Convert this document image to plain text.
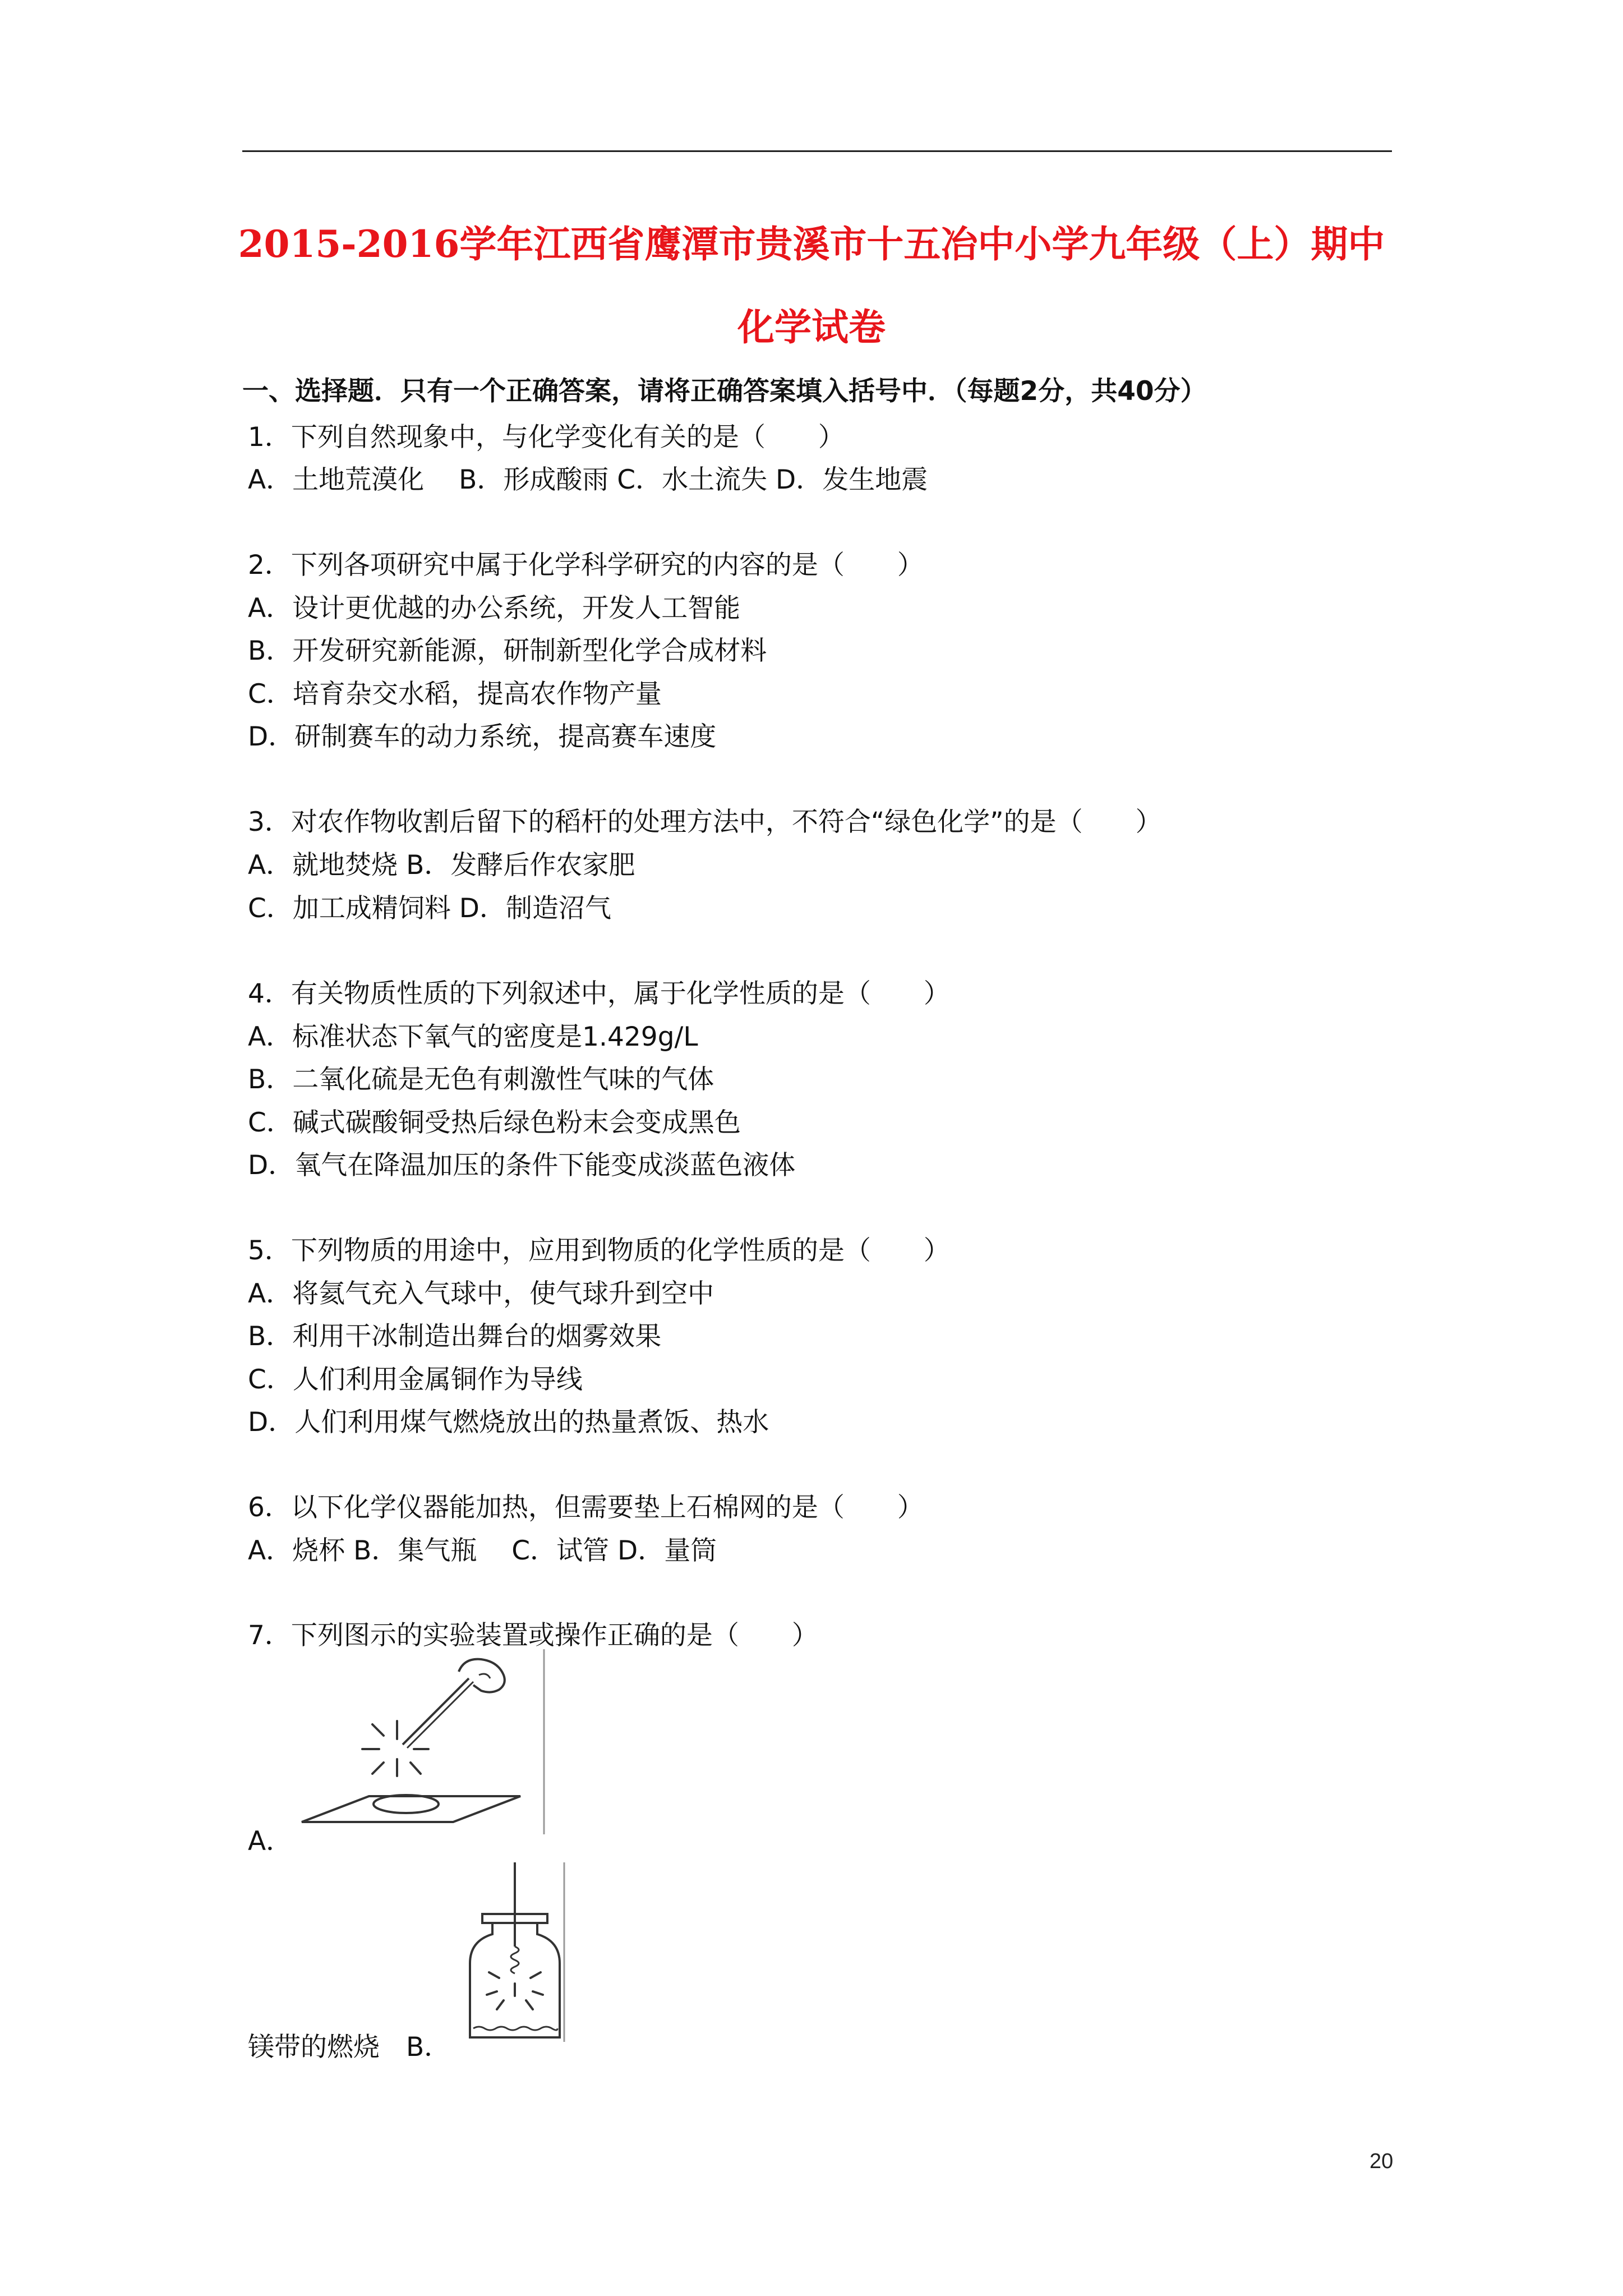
2015-2016学年江西省鹰潭市贵溪市十五冶中小学九年级（上）期中
化学试卷
一、选择题．只有一个正确答案，请将正确答案填入括号中．（每题2分，共40分）
1．下列自然现象中，与化学变化有关的是（　　）
A．土地荒漠化　 B．形成酸雨 C．水土流失 D．发生地震
2．下列各项研究中属于化学科学研究的内容的是（　　）
A．设计更优越的办公系统，开发人工智能
B．开发研究新能源，研制新型化学合成材料
C．培育杂交水稻，提高农作物产量
D．研制赛车的动力系统，提高赛车速度
3．对农作物收割后留下的稻杆的处理方法中，不符合“绿色化学”的是（　　）
A．就地焚烧 B．发酵后作农家肥
C．加工成精饲料 D．制造沼气
4．有关物质性质的下列叙述中，属于化学性质的是（　　）
A．标准状态下氧气的密度是1.429g/L
B．二氧化硫是无色有刺激性气味的气体
C．碱式碳酸铜受热后绿色粉末会变成黑色
D．氧气在降温加压的条件下能变成淡蓝色液体
5．下列物质的用途中，应用到物质的化学性质的是（　　）
A．将氦气充入气球中，使气球升到空中
B．利用干冰制造出舞台的烟雾效果
C．人们利用金属铜作为导线
D．人们利用煤气燃烧放出的热量煮饭、热水
6．以下化学仪器能加热，但需要垫上石棉网的是（　　）
A．烧杯 B．集气瓶　 C．试管 D．量筒
7．下列图示的实验装置或操作正确的是（　　）
A．
镁带的燃烧　B．
20
